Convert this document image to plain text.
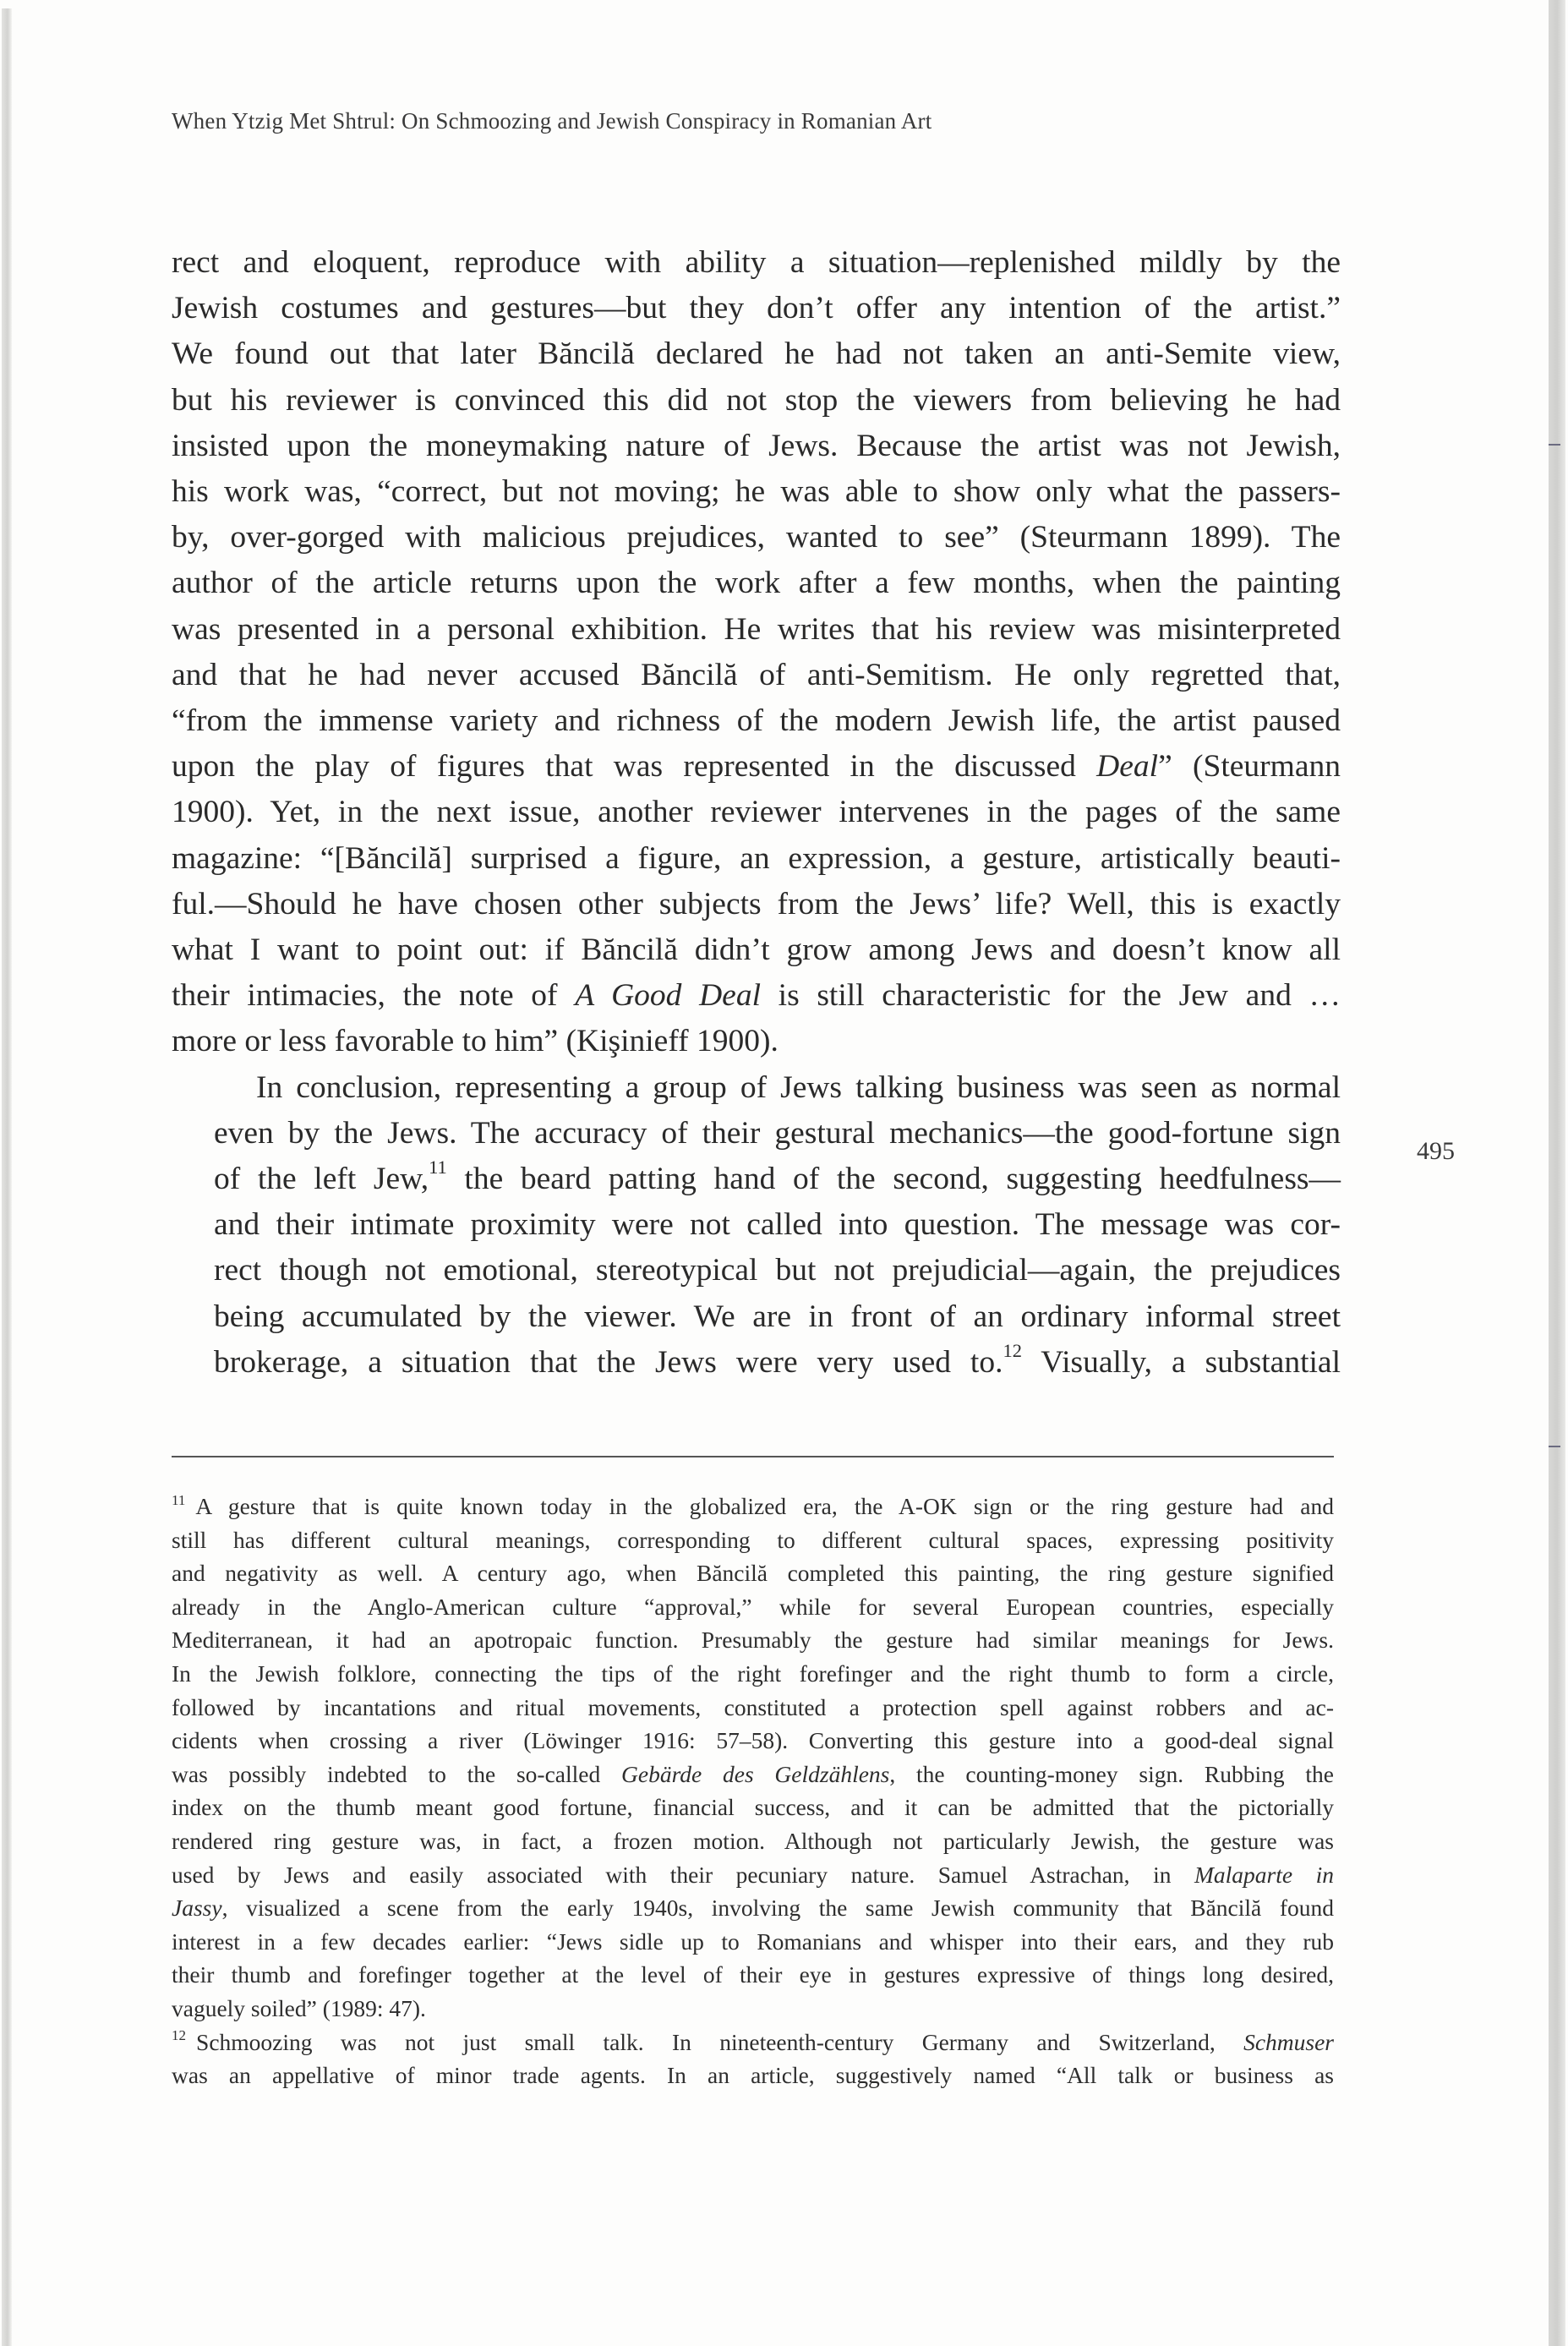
When Ytzig Met Shtrul: On Schmoozing and Jewish Conspiracy in Romanian Art

rect and eloquent, reproduce with ability a situation—replenished mildly by the
Jewish costumes and gestures—but they don’t offer any intention of the artist.”
We found out that later Băncilă declared he had not taken an anti-Semite view,
but his reviewer is convinced this did not stop the viewers from believing he had
insisted upon the moneymaking nature of Jews. Because the artist was not Jewish,
his work was, “correct, but not moving; he was able to show only what the passers-
by, over-gorged with malicious prejudices, wanted to see” (Steurmann 1899). The
author of the article returns upon the work after a few months, when the painting
was presented in a personal exhibition. He writes that his review was misinterpreted
and that he had never accused Băncilă of anti-Semitism. He only regretted that,
“from the immense variety and richness of the modern Jewish life, the artist paused
upon the play of figures that was represented in the discussed Deal” (Steurmann
1900). Yet, in the next issue, another reviewer intervenes in the pages of the same
magazine: “[Băncilă] surprised a figure, an expression, a gesture, artistically beauti-
ful.—Should he have chosen other subjects from the Jews’ life? Well, this is exactly
what I want to point out: if Băncilă didn’t grow among Jews and doesn’t know all
their intimacies, the note of A Good Deal is still characteristic for the Jew and …
more or less favorable to him” (Kişinieff 1900).

In conclusion, representing a group of Jews talking business was seen as normal
even by the Jews. The accuracy of their gestural mechanics—the good-fortune sign
of the left Jew,$^{11}$ the beard patting hand of the second, suggesting heedfulness—
and their intimate proximity were not called into question. The message was cor-
rect though not emotional, stereotypical but not prejudicial—again, the prejudices
being accumulated by the viewer. We are in front of an ordinary informal street
brokerage, a situation that the Jews were very used to.$^{12}$ Visually, a substantial

495
$^{11}$ A gesture that is quite known today in the globalized era, the A-OK sign or the ring gesture had and
still has different cultural meanings, corresponding to different cultural spaces, expressing positivity
and negativity as well. A century ago, when Băncilă completed this painting, the ring gesture signified
already in the Anglo-American culture “approval,” while for several European countries, especially
Mediterranean, it had an apotropaic function. Presumably the gesture had similar meanings for Jews.
In the Jewish folklore, connecting the tips of the right forefinger and the right thumb to form a circle,
followed by incantations and ritual movements, constituted a protection spell against robbers and ac-
cidents when crossing a river (Löwinger 1916: 57–58). Converting this gesture into a good-deal signal
was possibly indebted to the so-called Gebärde des Geldzählens, the counting-money sign. Rubbing the
index on the thumb meant good fortune, financial success, and it can be admitted that the pictorially
rendered ring gesture was, in fact, a frozen motion. Although not particularly Jewish, the gesture was
used by Jews and easily associated with their pecuniary nature. Samuel Astrachan, in Malaparte in
Jassy, visualized a scene from the early 1940s, involving the same Jewish community that Băncilă found
interest in a few decades earlier: “Jews sidle up to Romanians and whisper into their ears, and they rub
their thumb and forefinger together at the level of their eye in gestures expressive of things long desired,
vaguely soiled” (1989: 47).
$^{12}$ Schmoozing was not just small talk. In nineteenth-century Germany and Switzerland, Schmuser
was an appellative of minor trade agents. In an article, suggestively named “All talk or business as
